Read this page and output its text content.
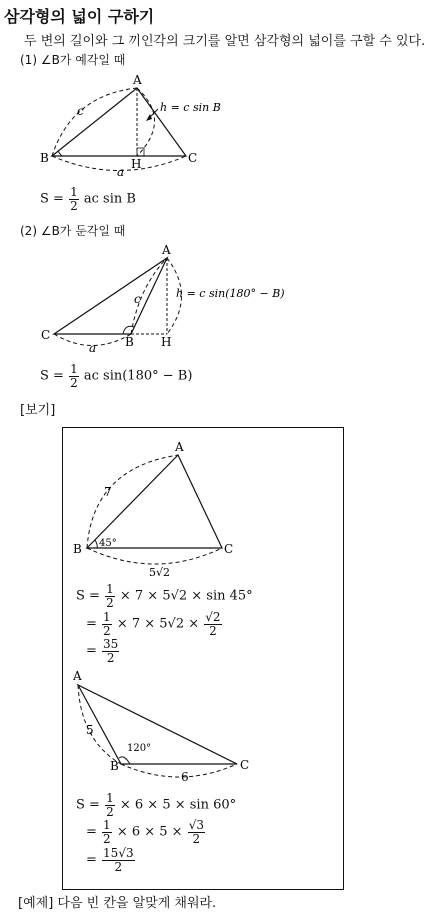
삼각형의 넓이 구하기
두 변의 길이와 그 끼인각의 크기를 알면 삼각형의 넓이를 구할 수 있다.
(1) ∠B가 예각일 때
A
B	C
H
c
a
h = c sin B
A
C	B H
c
a
h = c sin(180° − B)
A
B	C
7
5√2
45°
A
B	C
5
6
120°
$S = \frac{1}{2}$ ac sin B
(2) ∠B가 둔각일 때
$S = \frac{1}{2}$ ac sin(180° − B)
[보기]
$S = \frac{1}{2} \times 7 \times 5√2 \times \sin 45^\circ$
= $\frac{1}{2} \times 7 \times 5√2 \times \frac{√2}{2}$
= $\frac{35}{2}$
$S = \frac{1}{2} \times 6 \times 5 \times \sin 60^\circ$
= $\frac{1}{2} \times 6 \times 5 \times \frac{√3}{2}$
= $\frac{15√3}{2}$
[예제] 다음 빈 칸을 알맞게 채워라.
